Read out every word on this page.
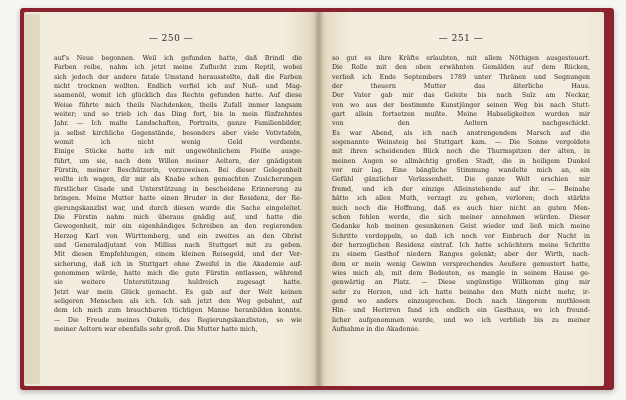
— 250 —
auf's Neue begonnen. Weil ich gefunden hatte, daß Brindl die
Farben reibe, nahm ich jetzt meine Zuflucht zum Reptil, wobei
sich jedoch der andere fatale Umstand herausstellte, daß die Farben
nicht trocknen wollten. Endlich verfiel ich auf Nuß- und Mag-
saamenöl, womit ich glücklich das Rechte gefunden hatte. Auf diese
Weise führte mich theils Nachdenken, theils Zufall immer langsam
weiter; und so trieb ich das Ding fort, bis in mein fünfzehntes
Jahr. — Ich malte Landschaften, Portraits, ganze Familienbilder,
ja selbst kirchliche Gegenstände, besonders aber viele Votivtafeln,
womit ich nicht wenig Geld verdiente.
Einige Stücke hatte ich mit ungewöhnlichem Fleiße ausge-
führt, um sie, nach dem Willen meiner Aeltern, der gnädigsten
Fürstin, meiner Beschützerin, vorzuweisen. Bei dieser Gelegenheit
wollte ich wagen, dir mir als Knabe schon gemachten Zusicherungen
fürstlicher Gnade und Unterstützung in bescheidene Erinnerung zu
bringen. Meine Mutter hatte einen Bruder in der Residenz, der Re-
gierungskanzlist war, und durch diesen wurde die Sache eingeleitet.
Die Fürstin nahm mich überaus gnädig auf, und hatte die
Gewogenheit, mir ein eigenhändiges Schreiben an den regierenden
Herzog Karl von Württemberg, und ein zweites an den Obrist
und Generaladjutant von Millius nach Stuttgart mit zu geben.
Mit diesen Empfehlungen, einem kleinen Reisegeld, und der Ver-
sicherung, daß ich in Stuttgart ohne Zweifel in die Akademie auf-
genommen würde, hatte mich die gute Fürstin entlassen, während
sie weitere Unterstützung huldreich zugesagt hatte.
Jetzt war mein Glück gemacht. Es gab auf der Welt keinen
seligeren Menschen als ich. Ich sah jetzt den Weg gebahnt, auf
dem ich mich zum brauchbaren tüchtigen Manne heranbilden konnte.
— Die Freude meines Onkels, des Regierungskanzlisten, so wie
meiner Aeltern war ebenfalls sehr groß. Die Mutter hatte mich,
— 251 —
so gut es ihre Kräfte erlaubten, mit allem Nöthigen ausgesteuert.
Die Rolle mit den oben erwähnten Gemälden auf dem Rücken,
verließ ich Ende Septembers 1789 unter Thränen und Segnungen
der theuern Mutter das älterliche Haus.
Der Vater gab mir das Geleite bis nach Sulz am Neckar,
von wo aus der bestimmte Kunstjünger seinen Weg bis nach Stutt-
gart allein fortsetzen mußte. Meine Habseligkeiten wurden mir
von den Aeltern nachgeschickt.
Es war Abend, als ich nach anstrengendem Marsch auf die
sogenannte Weinsteig bei Stuttgart kam. — Die Sonne vergoldete
mit ihren scheidenden Blick noch die Thurmspitzen der alten, in
meinen Augen so allmächtig großen Stadt, die in heiligem Dunkel
vor mir lag. Eine bängliche Stimmung wandelte mich an, ein
Gefühl gänzlicher Verlassenheit. Die ganze Welt erschien mir
fremd, und ich der einzige Alleinstehende auf ihr. — Beinahe
hätte ich allen Muth, verzagt zu gehen, verloren; doch stärkte
mich noch die Hoffnung, daß es auch hier nicht an guten Men-
schen fehlen werde, die sich meiner annehmen würden. Dieser
Gedanke hob meinen gesunkenen Geist wieder und ließ mich meine
Schritte verdoppeln, so daß ich noch vor Einbruch der Nacht in
der herzoglichen Residenz eintraf. Ich hatte schüchtern meine Schritte
zu einem Gasthof niedern Ranges gelenkt; aber der Wirth, nach-
dem er mein wenig Gewinn versprechendes Aeußere gemustert hatte,
wies mich ab, mit dem Bedeuten, es mangle in seinem Hause ge-
genwärtig an Platz. — Diese ungünstige Willkomm ging mir
sehr zu Herzen, und ich hatte beinahe den Muth nicht mehr, ir-
gend wo anders einzusprechen. Doch nach längerem muthlosen
Hin- und Herirren fand ich endlich ein Gasthaus, wo ich freund-
licher aufgenommen wurde, und wo ich verblieb bis zu meiner
Aufnahme in die Akademie.
